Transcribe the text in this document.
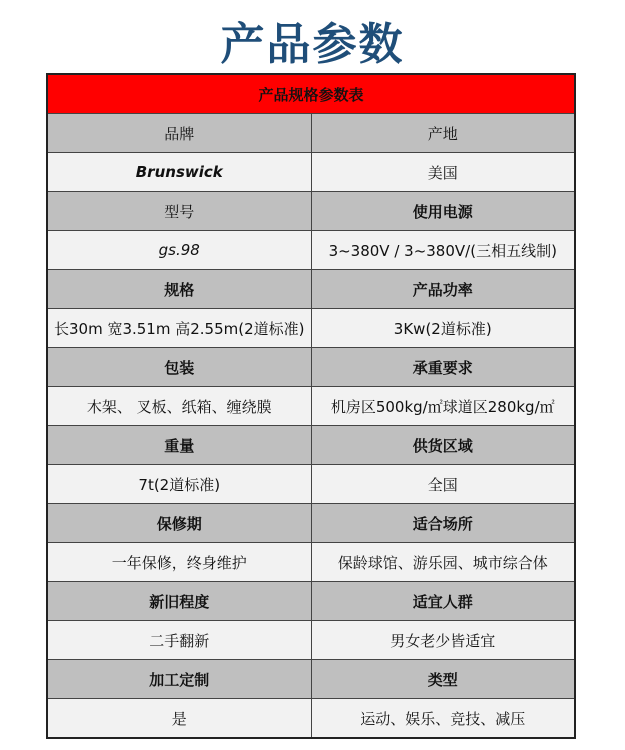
产品参数
产品规格参数表	
品牌	产地
Brunswick	美国
型号	使用电源
gs.98	3~380V / 3~380V/(三相五线制)
规格	产品功率
长30m 宽3.51m 高2.55m(2道标准)	3Kw(2道标准)
包装	承重要求
木架、 叉板、纸箱、缠绕膜	机房区500kg/㎡球道区280kg/㎡
重量	供货区域
7t(2道标准)	全国
保修期	适合场所
一年保修，终身维护	保龄球馆、游乐园、城市综合体
新旧程度	适宜人群
二手翻新	男女老少皆适宜
加工定制	类型
是	运动、娱乐、竞技、减压
